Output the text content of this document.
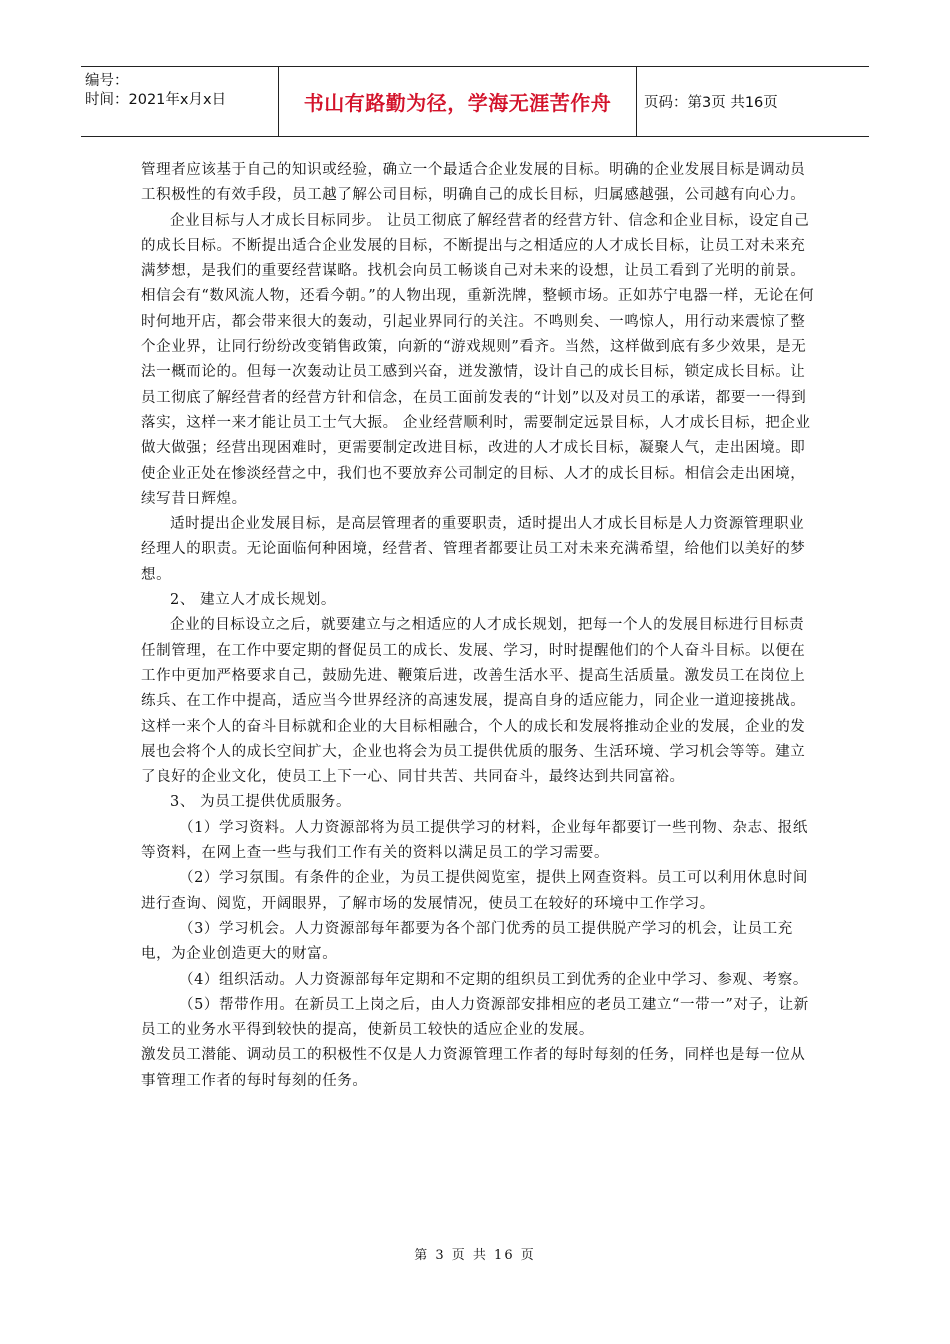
编号：
时间：2021年x月x日	书山有路勤为径，学海无涯苦作舟	页码：第3页 共16页

管理者应该基于自己的知识或经验，确立一个最适合企业发展的目标。明确的企业发展目标是调动员工积极性的有效手段，员工越了解公司目标，明确自己的成长目标，归属感越强，公司越有向心力。

企业目标与人才成长目标同步。 让员工彻底了解经营者的经营方针、信念和企业目标，设定自己的成长目标。不断提出适合企业发展的目标，不断提出与之相适应的人才成长目标，让员工对未来充满梦想，是我们的重要经营谋略。找机会向员工畅谈自己对未来的设想，让员工看到了光明的前景。相信会有“数风流人物，还看今朝。”的人物出现，重新洗牌，整顿市场。正如苏宁电器一样，无论在何时何地开店，都会带来很大的轰动，引起业界同行的关注。不鸣则矣、一鸣惊人，用行动来震惊了整个企业界，让同行纷纷改变销售政策，向新的“游戏规则”看齐。当然，这样做到底有多少效果，是无法一概而论的。但每一次轰动让员工感到兴奋，迸发激情，设计自己的成长目标，锁定成长目标。让员工彻底了解经营者的经营方针和信念，在员工面前发表的“计划”以及对员工的承诺，都要一一得到落实，这样一来才能让员工士气大振。 企业经营顺利时，需要制定远景目标，人才成长目标，把企业做大做强；经营出现困难时，更需要制定改进目标，改进的人才成长目标，凝聚人气，走出困境。即使企业正处在惨淡经营之中，我们也不要放弃公司制定的目标、人才的成长目标。相信会走出困境，续写昔日辉煌。

适时提出企业发展目标，是高层管理者的重要职责，适时提出人才成长目标是人力资源管理职业经理人的职责。无论面临何种困境，经营者、管理者都要让员工对未来充满希望，给他们以美好的梦想。

2、 建立人才成长规划。

企业的目标设立之后，就要建立与之相适应的人才成长规划，把每一个人的发展目标进行目标责任制管理，在工作中要定期的督促员工的成长、发展、学习，时时提醒他们的个人奋斗目标。以便在工作中更加严格要求自己，鼓励先进、鞭策后进，改善生活水平、提高生活质量。激发员工在岗位上练兵、在工作中提高，适应当今世界经济的高速发展，提高自身的适应能力，同企业一道迎接挑战。这样一来个人的奋斗目标就和企业的大目标相融合，个人的成长和发展将推动企业的发展，企业的发展也会将个人的成长空间扩大，企业也将会为员工提供优质的服务、生活环境、学习机会等等。建立了良好的企业文化，使员工上下一心、同甘共苦、共同奋斗，最终达到共同富裕。

3、 为员工提供优质服务。

（1）学习资料。人力资源部将为员工提供学习的材料，企业每年都要订一些刊物、杂志、报纸等资料，在网上查一些与我们工作有关的资料以满足员工的学习需要。

（2）学习氛围。有条件的企业，为员工提供阅览室，提供上网查资料。员工可以利用休息时间进行查询、阅览，开阔眼界，了解市场的发展情况，使员工在较好的环境中工作学习。

（3）学习机会。人力资源部每年都要为各个部门优秀的员工提供脱产学习的机会，让员工充电，为企业创造更大的财富。

（4）组织活动。人力资源部每年定期和不定期的组织员工到优秀的企业中学习、参观、考察。

（5）帮带作用。在新员工上岗之后，由人力资源部安排相应的老员工建立“一带一”对子，让新员工的业务水平得到较快的提高，使新员工较快的适应企业的发展。

激发员工潜能、调动员工的积极性不仅是人力资源管理工作者的每时每刻的任务，同样也是每一位从事管理工作者的每时每刻的任务。

第 3 页 共 16 页
